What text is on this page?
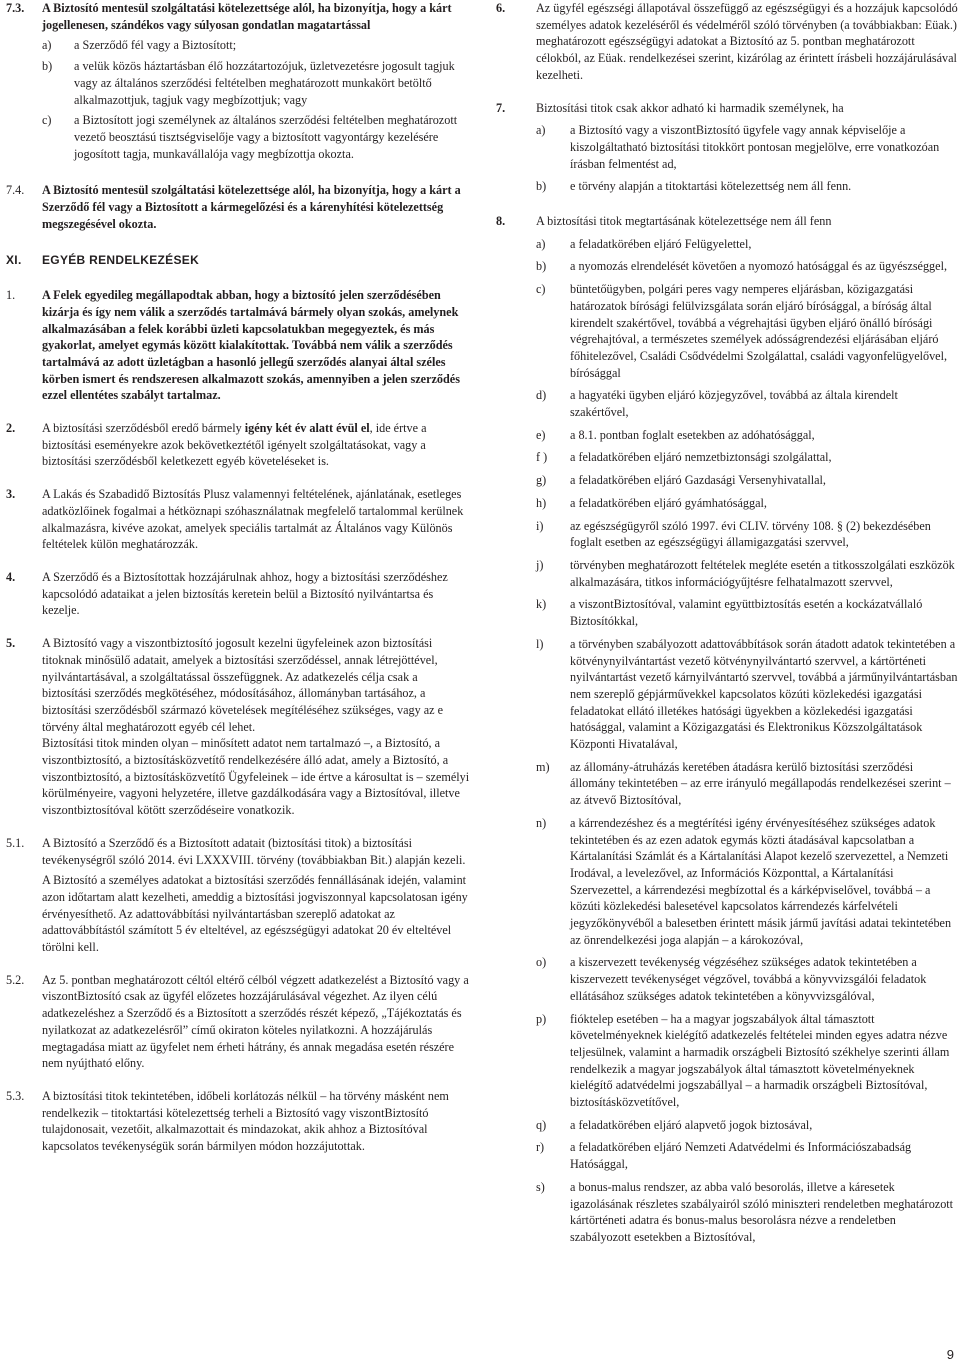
7.3. A Biztosító mentesül szolgáltatási kötelezettsége alól, ha bizonyítja, hogy a kárt jogellenesen, szándékos vagy súlyosan gondatlan magatartással
a) a Szerződő fél vagy a Biztosított;
b) a velük közös háztartásban élő hozzátartozójuk, üzletvezetésre jogosult tagjuk vagy az általános szerződési feltételben meghatározott munkakört betöltő alkalmazottjuk, tagjuk vagy megbízottjuk; vagy
c) a Biztosított jogi személynek az általános szerződési feltételben meghatározott vezető beosztású tisztségviselője vagy a biztosított vagyontárgy kezelésére jogosított tagja, munkavállalója vagy megbízottja okozta.
7.4. A Biztosító mentesül szolgáltatási kötelezettsége alól, ha bizonyítja, hogy a kárt a Szerződő fél vagy a Biztosított a kármegelőzési és a kárenyhítési kötelezettség megszegésével okozta.
XI. EGYÉB RENDELKEZÉSEK
1. A Felek egyedileg megállapodtak abban, hogy a biztosító jelen szerződésében kizárja és így nem válik a szerződés tartalmává bármely olyan szokás, amelynek alkalmazásában a felek korábbi üzleti kapcsolatukban megegyeztek, és más gyakorlat, amelyet egymás között kialakítottak. Továbbá nem válik a szerződés tartalmává az adott üzletágban a hasonló jellegű szerződés alanyai által széles körben ismert és rendszeresen alkalmazott szokás, amennyiben a jelen szerződés ezzel ellentétes szabályt tartalmaz.
2. A biztosítási szerződésből eredő bármely igény két év alatt évül el, ide értve a biztosítási eseményekre azok bekövetkeztétől igényelt szolgáltatásokat, vagy a biztosítási szerződésből keletkezett egyéb követeléseket is.
3. A Lakás és Szabadidő Biztosítás Plusz valamennyi feltételének, ajánlatának, esetleges adatközlőinek fogalmai a hétköznapi szóhasználatnak megfelelő tartalommal kerülnek alkalmazásra, kivéve azokat, amelyek speciális tartalmát az Általános vagy Különös feltételek külön meghatározzák.
4. A Szerződő és a Biztosítottak hozzájárulnak ahhoz, hogy a biztosítási szerződéshez kapcsolódó adataikat a jelen biztosítás keretein belül a Biztosító nyilvántartsa és kezelje.
5. A Biztosító vagy a viszontbiztosító jogosult kezelni ügyfeleinek azon biztosítási titoknak minősülő adatait, amelyek a biztosítási szerződéssel, annak létrejöttével, nyilvántartásával, a szolgáltatással összefüggnek. Az adatkezelés célja csak a biztosítási szerződés megkötéséhez, módosításához, állományban tartásához, a biztosítási szerződésből származó követelések megítéléséhez szükséges, vagy az e törvény által meghatározott egyéb cél lehet.
Biztosítási titok minden olyan – minősített adatot nem tartalmazó –, a Biztosító, a viszontbiztosító, a biztosításközvetítő rendelkezésére álló adat, amely a Biztosító, a viszontbiztosító, a biztosításközvetítő Ügyfeleinek – ide értve a károsultat is – személyi körülményeire, vagyoni helyzetére, illetve gazdálkodására vagy a Biztosítóval, illetve viszontbiztosítóval kötött szerződéseire vonatkozik.
5.1. A Biztosító a Szerződő és a Biztosított adatait (biztosítási titok) a biztosítási tevékenységről szóló 2014. évi LXXXVIII. törvény (továbbiakban Bit.) alapján kezeli.
A Biztosító a személyes adatokat a biztosítási szerződés fennállásának idején, valamint azon időtartam alatt kezelheti, ameddig a biztosítási jogviszonnyal kapcsolatosan igény érvényesíthető. Az adattovábbítási nyilvántartásban szereplő adatokat az adattovábbítástól számított 5 év elteltével, az egészségügyi adatokat 20 év elteltével törölni kell.
5.2. Az 5. pontban meghatározott céltól eltérő célból végzett adatkezelést a Biztosító vagy a viszontBiztosító csak az ügyfél előzetes hozzájárulásával végezhet. Az ilyen célú adatkezeléshez a Szerződő és a Biztosított a szerződés részét képező, „Tájékoztatás és nyilatkozat az adatkezelésről” című okiraton köteles nyilatkozni. A hozzájárulás megtagadása miatt az ügyfelet nem érheti hátrány, és annak megadása esetén részére nem nyújtható előny.
5.3. A biztosítási titok tekintetében, időbeli korlátozás nélkül – ha törvény másként nem rendelkezik – titoktartási kötelezettség terheli a Biztosító vagy viszontBiztosító tulajdonosait, vezetőit, alkalmazottait és mindazokat, akik ahhoz a Biztosítóval kapcsolatos tevékenységük során bármilyen módon hozzájutottak.
6.	Az ügyfél egészségi állapotával összefüggő az egészségügyi és a hozzájuk kapcsolódó személyes adatok kezeléséről és védelméről szóló törvényben (a továbbiakban: Eüak.) meghatározott egészségügyi adatokat a Biztosító az 5. pontban meghatározott célokból, az Eüak. rendelkezései szerint, kizárólag az érintett írásbeli hozzájárulásával kezelheti.
7.	Biztosítási titok csak akkor adható ki harmadik személynek, ha
a) a Biztosító vagy a viszontBiztosító ügyfele vagy annak képviselője a kiszolgáltatható biztosítási titokkört pontosan megjelölve, erre vonatkozóan írásban felmentést ad,
b) e törvény alapján a titoktartási kötelezettség nem áll fenn.
8.	A biztosítási titok megtartásának kötelezettsége nem áll fenn
a) a feladatkörében eljáró Felügyelettel,
b) a nyomozás elrendelését követően a nyomozó hatósággal és az ügyészséggel,
c) büntetőügyben, polgári peres vagy nemperes eljárásban, közigazgatási határozatok bírósági felülvizsgálata során eljáró bírósággal, a bíróság által kirendelt szakértővel, továbbá a végrehajtási ügyben eljáró önálló bírósági végrehajtóval, a természetes személyek adósságrendezési eljárásában eljáró főhitelezővel, Családi Csődvédelmi Szolgálattal, családi vagyonfelügyelővel, bírósággal
d) a hagyatéki ügyben eljáró közjegyzővel, továbbá az általa kirendelt szakértővel,
e) a 8.1. pontban foglalt esetekben az adóhatósággal,
f ) a feladatkörében eljáró nemzetbiztonsági szolgálattal,
g) a feladatkörében eljáró Gazdasági Versenyhivatallal,
h) a feladatkörében eljáró gyámhatósággal,
i) az egészségügyről szóló 1997. évi CLIV. törvény 108. § (2) bekezdésében foglalt esetben az egészségügyi államigazgatási szervvel,
j) törvényben meghatározott feltételek megléte esetén a titkosszolgálati eszközök alkalmazására, titkos információgyűjtésre felhatalmazott szervvel,
k) a viszontBiztosítóval, valamint együttbiztosítás esetén a kockázatvállaló Biztosítókkal,
l) a törvényben szabályozott adattovábbítások során átadott adatok tekintetében a kötvénynyilvántartást vezető kötvénynyilvántartó szervvel, a kártörténeti nyilvántartást vezető kárnyilvántartó szervvel, továbbá a járműnyilvántartásban nem szereplő gépjárművekkel kapcsolatos közúti közlekedési igazgatási feladatokat ellátó illetékes hatósági ügyekben a közlekedési igazgatási hatósággal, valamint a Közigazgatási és Elektronikus Közszolgáltatások Központi Hivatalával,
m) az állomány-átruházás keretében átadásra kerülő biztosítási szerződési állomány tekintetében – az erre irányuló megállapodás rendelkezései szerint – az átvevő Biztosítóval,
n) a kárrendezéshez és a megtérítési igény érvényesítéséhez szükséges adatok tekintetében és az ezen adatok egymás közti átadásával kapcsolatban a Kártalanítási Számlát és a Kártalanítási Alapot kezelő szervezettel, a Nemzeti Irodával, a levelezővel, az Információs Központtal, a Kártalanítási Szervezettel, a kárrendezési megbízottal és a kárképviselővel, továbbá – a közúti közlekedési balesetével kapcsolatos kárrendezés kárfelvételi jegyzőkönyvéből a balesetben érintett másik jármű javítási adatai tekintetében az önrendelkezési joga alapján – a károkozóval,
o) a kiszervezett tevékenység végzéséhez szükséges adatok tekintetében a kiszervezett tevékenységet végzővel, továbbá a könyvvizsgálói feladatok ellátásához szükséges adatok tekintetében a könyvvizsgálóval,
p) fióktelep esetében – ha a magyar jogszabályok által támasztott követelményeknek kielégítő adatkezelés feltételei minden egyes adatra nézve teljesülnek, valamint a harmadik országbeli Biztosító székhelye szerinti állam rendelkezik a magyar jogszabályok által támasztott követelményeknek kielégítő adatvédelmi jogszabállyal – a harmadik országbeli Biztosítóval, biztosításközvetítővel,
q) a feladatkörében eljáró alapvető jogok biztosával,
r) a feladatkörében eljáró Nemzeti Adatvédelmi és Információszabadság Hatósággal,
s) a bonus-malus rendszer, az abba való besorolás, illetve a káresetek igazolásának részletes szabályairól szóló miniszteri rendeletben meghatározott kártörténeti adatra és bonus-malus besorolásra nézve a rendeletben szabályozott esetekben a Biztosítóval,
9
